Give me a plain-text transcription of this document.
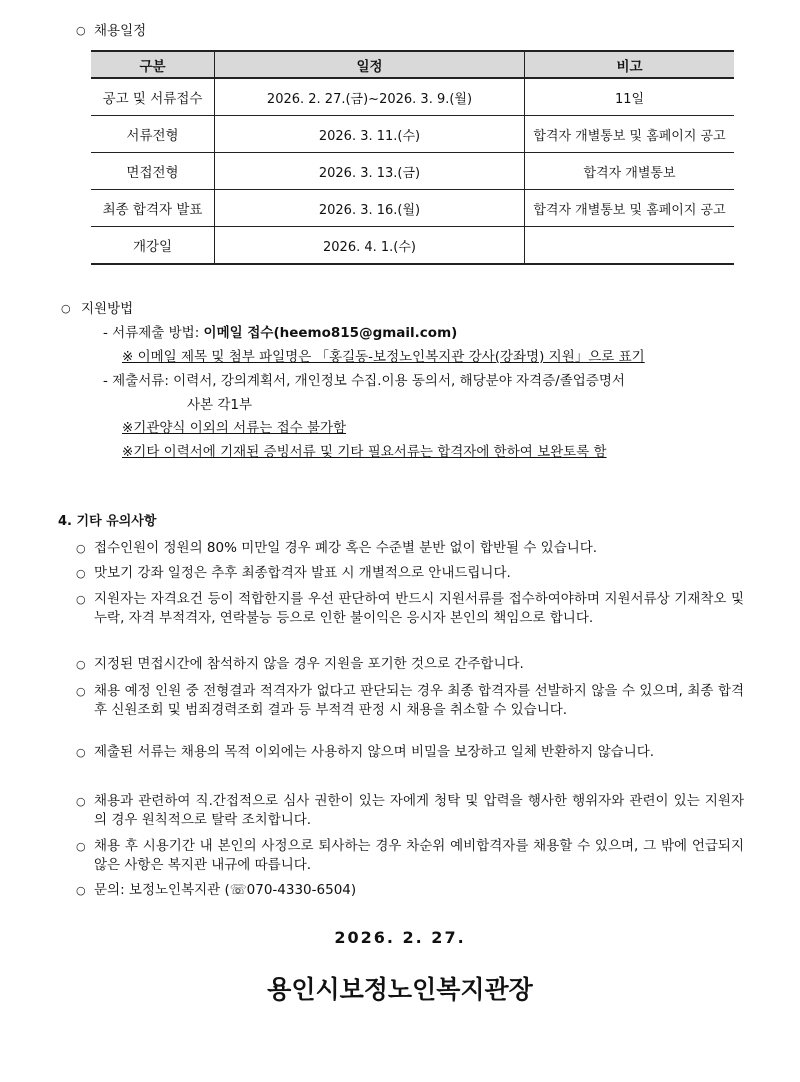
○ 채용일정
구분	일정	비고
공고 및 서류접수	2026. 2. 27.(금)~2026. 3. 9.(월)	11일
서류전형	2026. 3. 11.(수)	합격자 개별통보 및 홈페이지 공고
면접전형	2026. 3. 13.(금)	합격자 개별통보
최종 합격자 발표	2026. 3. 16.(월)	합격자 개별통보 및 홈페이지 공고
개강일	2026. 4. 1.(수)	
○ 지원방법
- 서류제출 방법: 이메일 접수(heemo815@gmail.com)
※ 이메일 제목 및 첨부 파일명은 「홍길동-보정노인복지관 강사(강좌명) 지원」으로 표기
- 제출서류: 이력서, 강의계획서, 개인정보 수집.이용 동의서, 해당분야 자격증/졸업증명서
사본 각1부
※기관양식 이외의 서류는 접수 불가함
※기타 이력서에 기재된 증빙서류 및 기타 필요서류는 합격자에 한하여 보완토록 함
4. 기타 유의사항
○ 접수인원이 정원의 80% 미만일 경우 폐강 혹은 수준별 분반 없이 합반될 수 있습니다.
○ 맛보기 강좌 일정은 추후 최종합격자 발표 시 개별적으로 안내드립니다.
○ 지원자는 자격요건 등이 적합한지를 우선 판단하여 반드시 지원서류를 접수하여야하며 지원서류상 기재착오 및 누락, 자격 부적격자, 연락불능 등으로 인한 불이익은 응시자 본인의 책임으로 합니다.
○ 지정된 면접시간에 참석하지 않을 경우 지원을 포기한 것으로 간주합니다.
○ 채용 예정 인원 중 전형결과 적격자가 없다고 판단되는 경우 최종 합격자를 선발하지 않을 수 있으며, 최종 합격 후 신원조회 및 범죄경력조회 결과 등 부적격 판정 시 채용을 취소할 수 있습니다.
○ 제출된 서류는 채용의 목적 이외에는 사용하지 않으며 비밀을 보장하고 일체 반환하지 않습니다.
○ 채용과 관련하여 직.간접적으로 심사 권한이 있는 자에게 청탁 및 압력을 행사한 행위자와 관련이 있는 지원자의 경우 원칙적으로 탈락 조치합니다.
○ 채용 후 시용기간 내 본인의 사정으로 퇴사하는 경우 차순위 예비합격자를 채용할 수 있으며, 그 밖에 언급되지 않은 사항은 복지관 내규에 따릅니다.
○ 문의: 보정노인복지관 (☏070-4330-6504)
2026. 2. 27.
용인시보정노인복지관장
